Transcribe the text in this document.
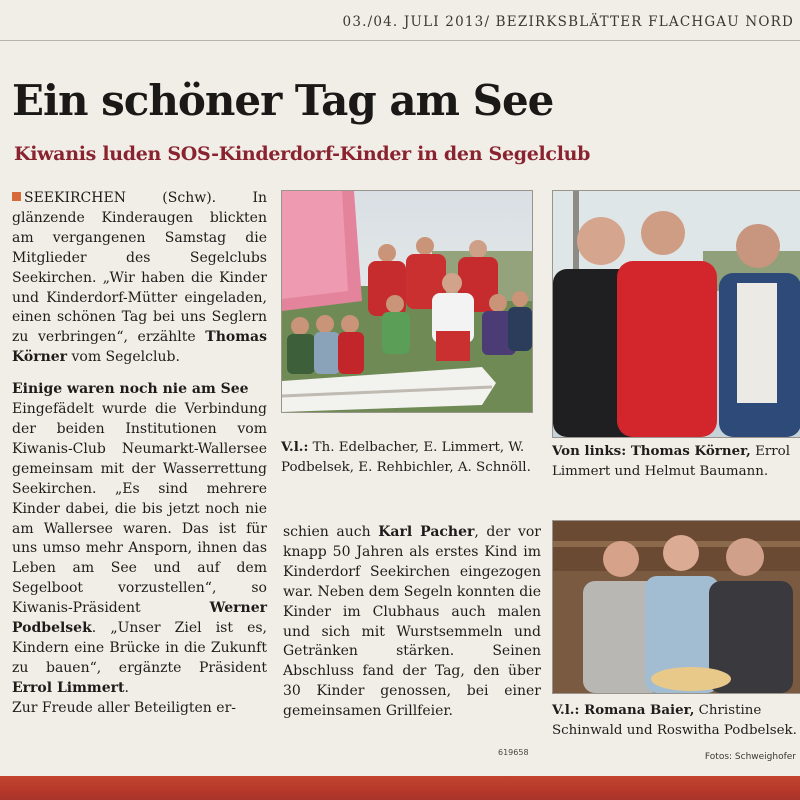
03./04. JULI 2013/ BEZIRKSBLÄTTER FLACHGAU NORD
Ein schöner Tag am See
Kiwanis luden SOS-Kinderdorf-Kinder in den Segelclub

SEEKIRCHEN (Schw). In glänzende Kinderaugen blickten am vergangenen Samstag die Mitglieder des Segelclubs Seekirchen. „Wir haben die Kinder und Kinderdorf-Mütter eingeladen, einen schönen Tag bei uns Seglern zu verbringen“, erzählte Thomas Körner vom Segelclub.

Einige waren noch nie am See

Eingefädelt wurde die Verbindung der beiden Institutionen vom Kiwanis-Club Neumarkt-Wallersee gemeinsam mit der Wasserrettung Seekirchen. „Es sind mehrere Kinder dabei, die bis jetzt noch nie am Wallersee waren. Das ist für uns umso mehr Ansporn, ihnen das Leben am See und auf dem Segelboot vorzustellen“, so Kiwanis-Präsident Werner Podbelsek. „Unser Ziel ist es, Kindern eine Brücke in die Zukunft zu bauen“, ergänzte Präsident Errol Limmert.

Zur Freude aller Beteiligten er-

V.l.: Th. Edelbacher, E. Limmert, W. Podbelsek, E. Rehbichler, A. Schnöll.
Von links: Thomas Körner, Errol Limmert und Helmut Baumann.
V.l.: Romana Baier, Christine Schinwald und Roswitha Podbelsek.

schien auch Karl Pacher, der vor knapp 50 Jahren als erstes Kind im Kinderdorf Seekirchen eingezogen war. Neben dem Segeln konnten die Kinder im Clubhaus auch malen und sich mit Wurstsemmeln und Getränken stärken. Seinen Abschluss fand der Tag, den über 30 Kinder genossen, bei einer gemeinsamen Grillfeier.

619658	Fotos: Schweighofer
